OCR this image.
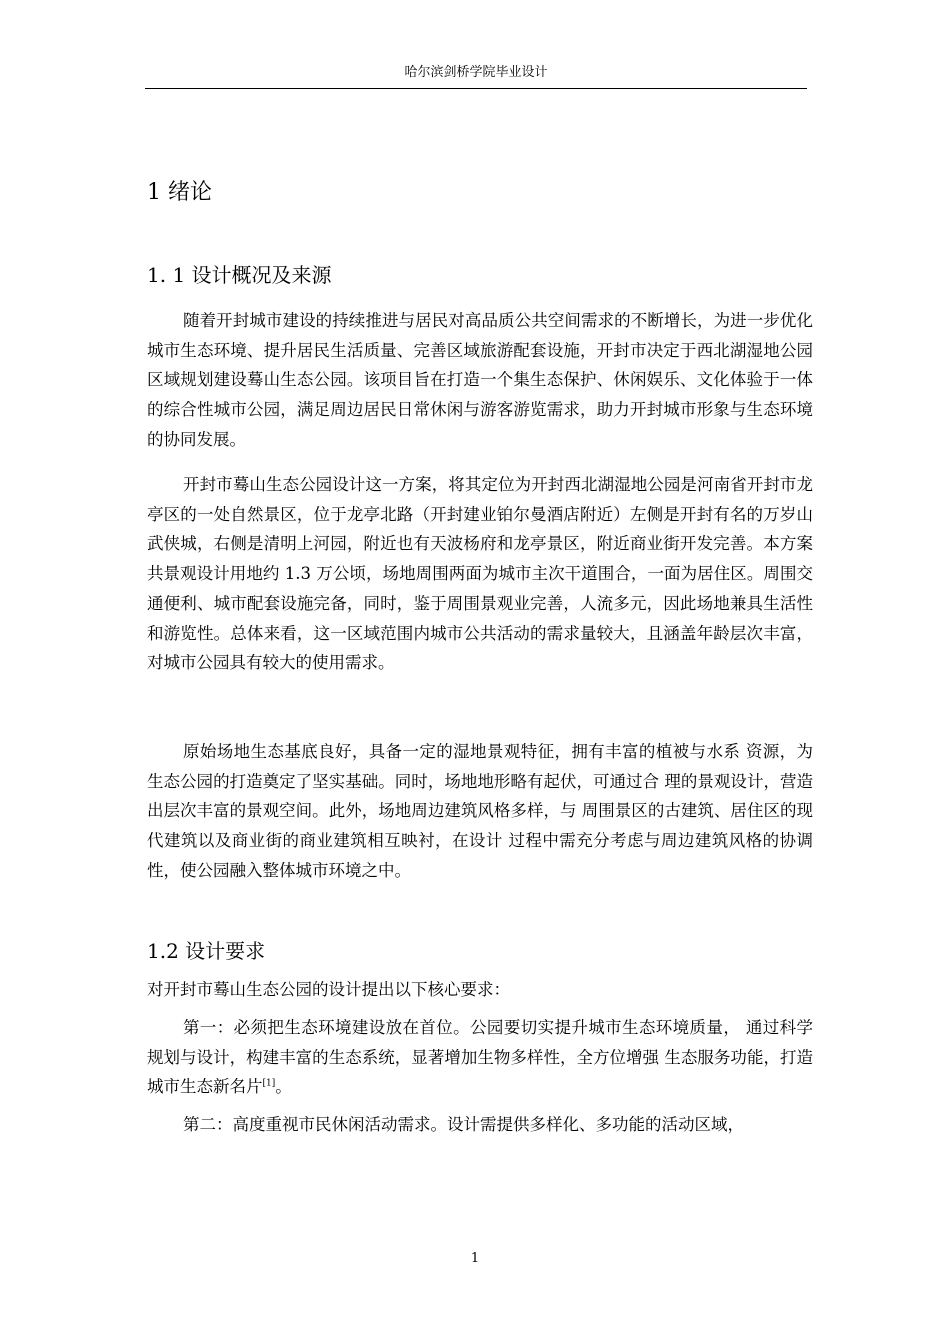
哈尔滨剑桥学院毕业设计
1 绪论
1. 1 设计概况及来源

随着开封城市建设的持续推进与居民对高品质公共空间需求的不断增长，为进一步优化城市生态环境、提升居民生活质量、完善区域旅游配套设施，开封市决定于西北湖湿地公园区域规划建设蓦山生态公园。该项目旨在打造一个集生态保护、休闲娱乐、文化体验于一体的综合性城市公园，满足周边居民日常休闲与游客游览需求，助力开封城市形象与生态环境的协同发展。

开封市蓦山生态公园设计这一方案，将其定位为开封西北湖湿地公园是河南省开封市龙亭区的一处自然景区，位于龙亭北路（开封建业铂尔曼酒店附近）左侧是开封有名的万岁山武侠城，右侧是清明上河园，附近也有天波杨府和龙亭景区，附近商业街开发完善。本方案共景观设计用地约 1.3 万公顷，场地周围两面为城市主次干道围合，一面为居住区。周围交通便利、城市配套设施完备，同时，鉴于周围景观业完善，人流多元，因此场地兼具生活性和游览性。总体来看，这一区域范围内城市公共活动的需求量较大，且涵盖年龄层次丰富，对城市公园具有较大的使用需求。

原始场地生态基底良好，具备一定的湿地景观特征，拥有丰富的植被与水系 资源，为生态公园的打造奠定了坚实基础。同时，场地地形略有起伏，可通过合 理的景观设计，营造出层次丰富的景观空间。此外，场地周边建筑风格多样，与 周围景区的古建筑、居住区的现代建筑以及商业街的商业建筑相互映衬，在设计 过程中需充分考虑与周边建筑风格的协调性，使公园融入整体城市环境之中。

1.2 设计要求

对开封市蓦山生态公园的设计提出以下核心要求：

第一：必须把生态环境建设放在首位。公园要切实提升城市生态环境质量， 通过科学规划与设计，构建丰富的生态系统，显著增加生物多样性，全方位增强 生态服务功能，打造城市生态新名片[1]。

第二：高度重视市民休闲活动需求。设计需提供多样化、多功能的活动区域，

1
